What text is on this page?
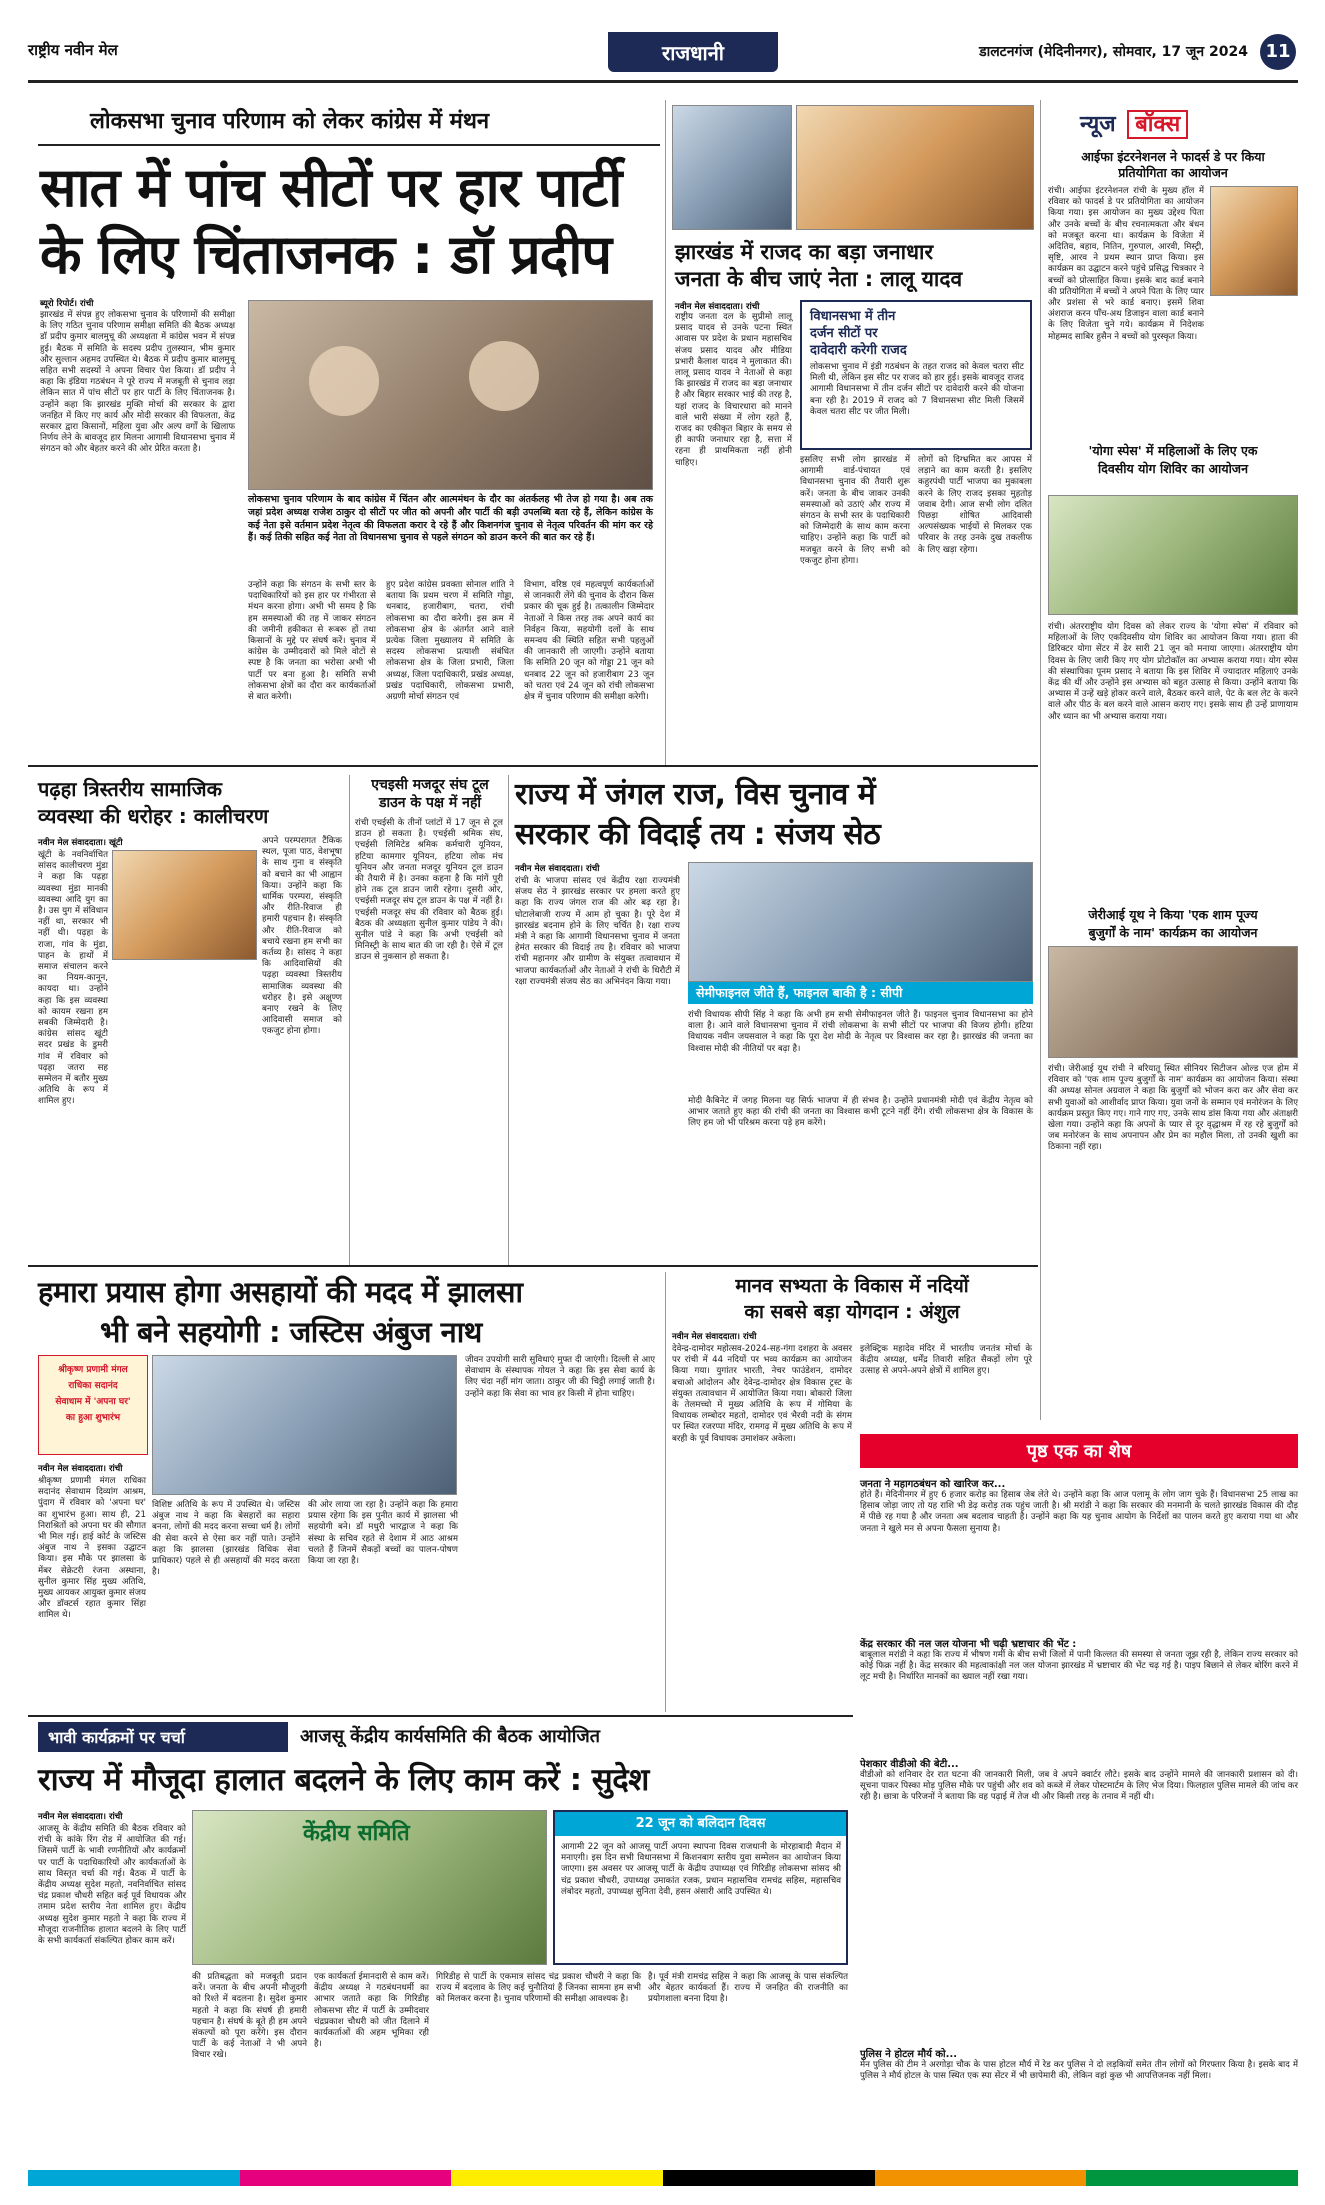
राष्ट्रीय नवीन मेल	राजधानी	डालटनगंज (मेदिनीनगर), सोमवार, 17 जून 2024 11
लोकसभा चुनाव परिणाम को लेकर कांग्रेस में मंथन
सात में पांच सीटों पर हार पार्टी
के लिए चिंताजनक : डॉ प्रदीप
ब्यूरो रिपोर्ट। रांची
झारखंड में संपन्न हुए लोकसभा चुनाव के परिणामों की समीक्षा के लिए गठित चुनाव परिणाम समीक्षा समिति की बैठक अध्यक्ष डॉ प्रदीप कुमार बालमुचू की अध्यक्षता में कांग्रेस भवन में संपन्न हुई। बैठक में समिति के सदस्य प्रदीप तुलस्यान, भीम कुमार और सुल्तान अहमद उपस्थित थे। बैठक में प्रदीप कुमार बालमुचू सहित सभी सदस्यों ने अपना विचार पेश किया। डॉ प्रदीप ने कहा कि इंडिया गठबंधन ने पूरे राज्य में मजबूती से चुनाव लड़ा लेकिन सात में पांच सीटों पर हार पार्टी के लिए चिंताजनक है। उन्होंने कहा कि झारखंड मुक्ति मोर्चा की सरकार के द्वारा जनहित में किए गए कार्य और मोदी सरकार की विफलता, केंद्र सरकार द्वारा किसानों, महिला युवा और अल्प वर्गों के खिलाफ निर्णय लेने के बावजूद हार मिलना आगामी विधानसभा चुनाव में संगठन को और बेहतर करने की ओर प्रेरित करता है।
लोकसभा चुनाव परिणाम के बाद कांग्रेस में चिंतन और आत्ममंथन के दौर का अंतर्कलह भी तेज हो गया है। अब तक जहां प्रदेश अध्यक्ष राजेश ठाकुर दो सीटों पर जीत को अपनी और पार्टी की बड़ी उपलब्धि बता रहे हैं, लेकिन कांग्रेस के कई नेता इसे वर्तमान प्रदेश नेतृत्व की विफलता करार दे रहे हैं और किशनगंज चुनाव से नेतृत्व परिवर्तन की मांग कर रहे हैं। कई तिकी सहित कई नेता तो विधानसभा चुनाव से पहले संगठन को डाउन करने की बात कर रहे हैं।
उन्होंने कहा कि संगठन के सभी स्तर के पदाधिकारियों को इस हार पर गंभीरता से मंथन करना होगा। अभी भी समय है कि हम समस्याओं की तह में जाकर संगठन की जमीनी हकीकत से रूबरू हों तथा किसानों के मुद्दे पर संघर्ष करें। चुनाव में कांग्रेस के उम्मीदवारों को मिले वोटों से स्पष्ट है कि जनता का भरोसा अभी भी पार्टी पर बना हुआ है। समिति सभी लोकसभा क्षेत्रों का दौरा कर कार्यकर्ताओं से बात करेगी।
हुए प्रदेश कांग्रेस प्रवक्ता सोनाल शांति ने बताया कि प्रथम चरण में समिति गोड्डा, धनबाद, हजारीबाग, चतरा, रांची लोकसभा का दौरा करेगी। इस क्रम में लोकसभा क्षेत्र के अंतर्गत आने वाले प्रत्येक जिला मुख्यालय में समिति के सदस्य लोकसभा प्रत्याशी संबंधित लोकसभा क्षेत्र के जिला प्रभारी, जिला अध्यक्ष, जिला पदाधिकारी, प्रखंड अध्यक्ष, प्रखंड पदाधिकारी, लोकसभा प्रभारी, अग्रणी मोर्चा संगठन एवं
विभाग, वरिष्ठ एवं महत्वपूर्ण कार्यकर्ताओं से जानकारी लेंगे की चुनाव के दौरान किस प्रकार की चूक हुई है। तत्कालीन जिम्मेदार नेताओं ने किस तरह तक अपने कार्य का निर्वहन किया, सहयोगी दलों के साथ समन्वय की स्थिति सहित सभी पहलुओं की जानकारी ली जाएगी। उन्होंने बताया कि समिति 20 जून को गोड्डा 21 जून को धनबाद 22 जून को हजारीबाग 23 जून को चतरा एवं 24 जून को रांची लोकसभा क्षेत्र में चुनाव परिणाम की समीक्षा करेगी।
झारखंड में राजद का बड़ा जनाधार
जनता के बीच जाएं नेता : लालू यादव
नवीन मेल संवाददाता। रांची
राष्ट्रीय जनता दल के सुप्रीमो लालू प्रसाद यादव से उनके पटना स्थित आवास पर प्रदेश के प्रधान महासचिव संजय प्रसाद यादव और मीडिया प्रभारी कैलाश यादव ने मुलाकात की। लालू प्रसाद यादव ने नेताओं से कहा कि झारखंड में राजद का बड़ा जनाधार है और बिहार सरकार भाई की तरह है, यहां राजद के विचारधारा को मानने वाले भारी संख्या में लोग रहते हैं, राजद का एकीकृत बिहार के समय से ही काफी जनाधार रहा है, सत्ता में रहना ही प्राथमिकता नहीं होनी चाहिए।
विधानसभा में तीन
दर्जन सीटों पर
दावेदारी करेगी राजद
लोकसभा चुनाव में इंडी गठबंधन के तहत राजद को केवल चतरा सीट मिली थी, लेकिन इस सीट पर राजद को हार हुई। इसके बावजूद राजद आगामी विधानसभा में तीन दर्जन सीटों पर दावेदारी करने की योजना बना रही है। 2019 में राजद को 7 विधानसभा सीट मिली जिसमें केवल चतरा सीट पर जीत मिली।
इसलिए सभी लोग झारखंड में आगामी वार्ड-पंचायत एवं विधानसभा चुनाव की तैयारी शुरू करें। जनता के बीच जाकर उनकी समस्याओं को उठाएं और राज्य में संगठन के सभी स्तर के पदाधिकारी को जिम्मेदारी के साथ काम करना चाहिए। उन्होंने कहा कि पार्टी को मजबूत करने के लिए सभी को एकजुट होना होगा।
लोगों को दिग्भ्रमित कर आपस में लड़ाने का काम करती है। इसलिए कहुरपंथी पार्टी भाजपा का मुकाबला करने के लिए राजद इसका मुहतोड़ जवाब देगी। आज सभी लोग दलित पिछड़ा शोषित आदिवासी अल्पसंख्यक भाईयों से मिलकर एक परिवार के तरह उनके दुख तकलीफ के लिए खड़ा रहेगा।
न्यूज बॉक्स
आईफा इंटरनेशनल ने फादर्स डे पर किया
प्रतियोगिता का आयोजन
रांची। आईफा इंटरनेशनल रांची के मुख्य हॉल में रविवार को फादर्स डे पर प्रतियोगिता का आयोजन किया गया। इस आयोजन का मुख्य उद्देश्य पिता और उनके बच्चों के बीच रचनात्मकता और बंधन को मजबूत करना था। कार्यक्रम के विजेता में अदितिव, बहाव, नितिन, गुरुपाल, आरवी, मिस्ट्री, सृष्टि, आरव ने प्रथम स्थान प्राप्त किया। इस कार्यक्रम का उद्घाटन करने पहुंचे प्रसिद्ध चित्रकार ने बच्चों को प्रोत्साहित किया। इसके बाद कार्ड बनाने की प्रतियोगिता में बच्चों ने अपने पिता के लिए प्यार और प्रशंसा से भरे कार्ड बनाए। इसमें शिवा अंशराज करन पाँच-अथ डिजाइन वाला कार्ड बनाने के लिए विजेता चुने गये। कार्यक्रम में निदेशक मोहम्मद साबिर हुसैन ने बच्चों को पुरस्कृत किया।
'योगा स्पेस' में महिलाओं के लिए एक
दिवसीय योग शिविर का आयोजन
रांची। अंतरराष्ट्रीय योग दिवस को लेकर राज्य के 'योगा स्पेस' में रविवार को महिलाओं के लिए एकदिवसीय योग शिविर का आयोजन किया गया। हाता की डिरिक्टर योगा सेंटर में ढेर सारी 21 जून को मनाया जाएगा। अंतरराष्ट्रीय योग दिवस के लिए जारी किए गए योग प्रोटोकॉल का अभ्यास कराया गया। योग स्पेस की संस्थापिका पूनम प्रसाद ने बताया कि इस शिविर में ज्यादातर महिलाएं उनके केंद्र की थीं और उन्होंने इस अभ्यास को बहुत उत्साह से किया। उन्होंने बताया कि अभ्यास में उन्हें खड़े होकर करने वाले, बैठकर करने वाले, पेट के बल लेट के करने वाले और पीठ के बल करने वाले आसन कराए गए। इसके साथ ही उन्हें प्राणायाम और ध्यान का भी अभ्यास कराया गया।
जेरीआई यूथ ने किया 'एक शाम पूज्य
बुजुर्गों के नाम' कार्यक्रम का आयोजन
रांची। जेरीआई यूथ रांची ने बरियातू स्थित सीनियर सिटीजन ओल्ड एज होम में रविवार को 'एक शाम पूज्य बुजुर्गों के नाम' कार्यक्रम का आयोजन किया। संस्था की अध्यक्ष सोनल अग्रवाल ने कहा कि बुजुर्गों को भोजन करा कर और सेवा कर सभी युवाओं को आशीर्वाद प्राप्त किया। युवा जनों के सम्मान एवं मनोरंजन के लिए कार्यक्रम प्रस्तुत किए गए। गाने गाए गए, उनके साथ डांस किया गया और अंताक्षरी खेला गया। उन्होंने कहा कि अपनों के प्यार से दूर वृद्धाश्रम में रह रहे बुजुर्गों को जब मनोरंजन के साथ अपनापन और प्रेम का महौल मिला, तो उनकी खुशी का ठिकाना नहीं रहा।
पढ़हा त्रिस्तरीय सामाजिक
व्यवस्था की धरोहर : कालीचरण
नवीन मेल संवाददाता। खूंटी
खूंटी के नवनिर्वाचित सांसद कालीचरण मुंडा ने कहा कि पढ़हा व्यवस्था मुंडा मानकी व्यवस्था आदि युग का है। उस युग में संविधान नहीं था, सरकार भी नहीं थी। पढ़हा के राजा, गांव के मुंडा, पाहन के हाथों में समाज संचालन करने का नियम-कानून, कायदा था। उन्होंने कहा कि इस व्यवस्था को कायम रखना हम सबकी जिम्मेदारी है। कांग्रेस सांसद खूंटी सदर प्रखंड के डुमरी गांव में रविवार को पढ़हा जतरा सह सम्मेलन में बतौर मुख्य अतिथि के रूप में शामिल हुए।
अपने परम्परागत टैंकिक स्थल, पूजा पाठ, वेशभूषा के साथ गुना व संस्कृति को बचाने का भी आह्वान किया। उन्होंने कहा कि धार्मिक परम्परा, संस्कृति और रीति-रिवाज ही हमारी पहचान है। संस्कृति और रीति-रिवाज को बचाये रखना हम सभी का कर्तव्य है। सांसद ने कहा कि आदिवासियों की पढ़हा व्यवस्था त्रिस्तरीय सामाजिक व्यवस्था की धरोहर है। इसे अक्षुण्ण बनाए रखने के लिए आदिवासी समाज को एकजुट होना होगा।
एचइसी मजदूर संघ टूल
डाउन के पक्ष में नहीं
रांची एचईसी के तीनों प्लांटों में 17 जून से टूल डाउन हो सकता है। एचईसी श्रमिक संघ, एचईसी लिमिटेड श्रमिक कर्मचारी यूनियन, हटिया कामगार यूनियन, हटिया लोक मंच यूनियन और जनता मजदूर यूनियन टूल डाउन की तैयारी में है। उनका कहना है कि मांगें पूरी होने तक टूल डाउन जारी रहेगा। दूसरी ओर, एचईसी मजदूर संघ टूल डाउन के पक्ष में नहीं है। एचईसी मजदूर संघ की रविवार को बैठक हुई। बैठक की अध्यक्षता सुनील कुमार पांडेय ने की। सुनील पांडे ने कहा कि अभी एचईसी को मिनिस्ट्री के साथ बात की जा रही है। ऐसे में टूल डाउन से नुकसान हो सकता है।
राज्य में जंगल राज, विस चुनाव में
सरकार की विदाई तय : संजय सेठ
नवीन मेल संवाददाता। रांची
रांची के भाजपा सांसद एवं केंद्रीय रक्षा राज्यमंत्री संजय सेठ ने झारखंड सरकार पर हमला करते हुए कहा कि राज्य जंगल राज की ओर बढ़ रहा है। घोटालेबाजी राज्य में आम हो चुका है। पूरे देश में झारखंड बदनाम होने के लिए चर्चित है। रक्षा राज्य मंत्री ने कहा कि आगामी विधानसभा चुनाव में जनता हेमंत सरकार की विदाई तय है। रविवार को भाजपा रांची महानगर और ग्रामीण के संयुक्त तत्वावधान में भाजपा कार्यकर्ताओं और नेताओं ने रांची के धिरौटी में रक्षा राज्यमंत्री संजय सेठ का अभिनंदन किया गया।
सेमीफाइनल जीते हैं, फाइनल बाकी है : सीपी
रांची विधायक सीपी सिंह ने कहा कि अभी हम सभी सेमीफाइनल जीते हैं। फाइनल चुनाव विधानसभा का होने वाला है। आने वाले विधानसभा चुनाव में रांची लोकसभा के सभी सीटों पर भाजपा की विजय होगी। हटिया विधायक नवीन जयसवाल ने कहा कि पूरा देश मोदी के नेतृत्व पर विश्वास कर रहा है। झारखंड की जनता का विश्वास मोदी की नीतियों पर बढ़ा है।
मोदी कैबिनेट में जगह मिलना यह सिर्फ भाजपा में ही संभव है। उन्होंने प्रधानमंत्री मोदी एवं केंद्रीय नेतृत्व को आभार जताते हुए कहा की रांची की जनता का विश्वास कभी टूटने नहीं देंगे। रांची लोकसभा क्षेत्र के विकास के लिए हम जो भी परिश्रम करना पड़े हम करेंगे।
हमारा प्रयास होगा असहायों की मदद में झालसा
भी बने सहयोगी : जस्टिस अंबुज नाथ
श्रीकृष्ण प्रणामी मंगल
राधिका सदानंद
सेवाधाम में 'अपना घर'
का हुआ शुभारंभ
नवीन मेल संवाददाता। रांची
श्रीकृष्ण प्रणामी मंगल राधिका सदानंद सेवाधाम दिव्यांग आश्रम, पुंदाग में रविवार को 'अपना घर' का शुभारंभ हुआ। साथ ही, 21 निराश्रितों को अपना घर की सौगात भी मिल गई। हाई कोर्ट के जस्टिस अंबुज नाथ ने इसका उद्घाटन किया। इस मौके पर झालसा के मेंबर सेक्रेटरी रंजना अस्थाना, सुनील कुमार सिंह मुख्य अतिथि, मुख्य आयकर आयुक्त कुमार संजय और डॉक्टर्स रहात कुमार सिंहा शामिल थे।
विशिष्ट अतिथि के रूप में उपस्थित थे। जस्टिस अंबुज नाथ ने कहा कि बेसहारों का सहारा बनना, लोगों की मदद करना सच्चा धर्म है। लोगों की सेवा करने से ऐसा कर नहीं पाते। उन्होंने कहा कि झालसा (झारखंड विधिक सेवा प्राधिकार) पहले से ही असहायों की मदद करता है।
की ओर लाया जा रहा है। उन्होंने कहा कि हमारा प्रयास रहेगा कि इस पुनीत कार्य में झालसा भी सहयोगी बने। डॉ मधुरी भारद्वाज ने कहा कि संस्था के सचिव रहते से देशाम में आठ आश्रम चलते हैं जिनमें सैकड़ों बच्चों का पालन-पोषण किया जा रहा है।
जीवन उपयोगी सारी सुविधाएं मुफ्त दी जाएंगी। दिल्ली से आए सेवाधाम के संस्थापक गोयल ने कहा कि इस सेवा कार्य के लिए चंदा नहीं मांग जाता। ठाकुर जी की चिट्ठी लगाई जाती है। उन्होंने कहा कि सेवा का भाव हर किसी में होना चाहिए।
मानव सभ्यता के विकास में नदियों
का सबसे बड़ा योगदान : अंशुल
नवीन मेल संवाददाता। रांची
देवेन्द्र-दामोदर महोत्सव-2024-सह-गंगा दशहरा के अवसर पर रांची में 44 नदियों पर भव्य कार्यक्रम का आयोजन किया गया। युगांतर भारती, नेचर फाउंडेशन, दामोदर बचाओ आंदोलन और देवेन्द्र-दामोदर क्षेत्र विकास ट्रस्ट के संयुक्त तत्वावधान में आयोजित किया गया। बोकारो जिला के तेलमच्चो में मुख्य अतिथि के रूप में गोमिया के विधायक लम्बोदर महतो, दामोदर एवं भैरवी नदी के संगम पर स्थित रजरप्पा मंदिर, रामगढ़ में मुख्य अतिथि के रूप में बरही के पूर्व विधायक उमाशंकर अकेला।
इलेक्ट्रिक महादेव मंदिर में भारतीय जनतंत्र मोर्चा के केंद्रीय अध्यक्ष, धर्मेंद्र तिवारी सहित सैकड़ों लोग पूरे उत्साह से अपने-अपने क्षेत्रों में शामिल हुए।
पृष्ठ एक का शेष
जनता ने महागठबंधन को खारिज कर...
होते हैं। मेदिनीनगर में हुए 6 हजार करोड़ का हिसाब जेब लेते थे। उन्होंने कहा कि आज पलामू के लोग जाग चुके हैं। विधानसभा 25 लाख का हिसाब जोड़ा जाए तो यह राशि भी डेढ़ करोड़ तक पहुंच जाती है। श्री मरांडी ने कहा कि सरकार की मनमानी के चलते झारखंड विकास की दौड़ में पीछे रह गया है और जनता अब बदलाव चाहती है। उन्होंने कहा कि यह चुनाव आयोग के निर्देशों का पालन करते हुए कराया गया था और जनता ने खुले मन से अपना फैसला सुनाया है।
केंद्र सरकार की नल जल योजना भी चढ़ी भ्रष्टाचार की भेंट :
बाबूलाल मरांडी ने कहा कि राज्य में भीषण गर्मी के बीच सभी जिलों में पानी किल्लत की समस्या से जनता जूझ रही है, लेकिन राज्य सरकार को कोई फिक्र नहीं है। केंद्र सरकार की महत्वाकांक्षी नल जल योजना झारखंड में भ्रष्टाचार की भेंट चढ़ गई है। पाइप बिछाने से लेकर बोरिंग करने में लूट मची है। निर्धारित मानकों का ख्याल नहीं रखा गया।
पेशकार वीडीओ की बेटी...
वीडीओ को शनिवार देर रात घटना की जानकारी मिली, जब वे अपने क्वार्टर लौटे। इसके बाद उन्होंने मामले की जानकारी प्रशासन को दी। सूचना पाकर पिस्का मोड़ पुलिस मौके पर पहुंची और शव को कब्जे में लेकर पोस्टमार्टम के लिए भेज दिया। फिलहाल पुलिस मामले की जांच कर रही है। छात्रा के परिजनों ने बताया कि वह पढ़ाई में तेज थी और किसी तरह के तनाव में नहीं थी।
पुलिस ने होटल मौर्य को...
मेन पुलिस की टीम ने अरगोड़ा चौक के पास होटल मौर्य में रेड कर पुलिस ने दो लड़कियों समेत तीन लोगों को गिरफ्तार किया है। इसके बाद में पुलिस ने मौर्य होटल के पास स्थित एक स्पा सेंटर में भी छापेमारी की, लेकिन वहां कुछ भी आपत्तिजनक नहीं मिला।
भावी कार्यक्रमों पर चर्चा	आजसू केंद्रीय कार्यसमिति की बैठक आयोजित
राज्य में मौजूदा हालात बदलने के लिए काम करें : सुदेश
नवीन मेल संवाददाता। रांची
आजसू के केंद्रीय समिति की बैठक रविवार को रांची के कांके रिंग रोड में आयोजित की गई। जिसमें पार्टी के भावी रणनीतियों और कार्यक्रमों पर पार्टी के पदाधिकारियों और कार्यकर्ताओं के साथ विस्तृत चर्चा की गई। बैठक में पार्टी के केंद्रीय अध्यक्ष सुदेश महतो, नवनिर्वाचित सांसद चंद्र प्रकाश चौधरी सहित कई पूर्व विधायक और तमाम प्रदेश स्तरीय नेता शामिल हुए। केंद्रीय अध्यक्ष सुदेश कुमार महतो ने कहा कि राज्य में मौजूदा राजनीतिक हालात बदलने के लिए पार्टी के सभी कार्यकर्ता संकल्पित होकर काम करें।
केंद्रीय समिति
की प्रतिबद्धता को मजबूती प्रदान करें। जनता के बीच अपनी मौजूदगी को रिश्ते में बदलना है। सुदेश कुमार महतो ने कहा कि संघर्ष ही हमारी पहचान है। संघर्ष के बूते ही हम अपने संकल्पों को पूरा करेंगे। इस दौरान पार्टी के कई नेताओं ने भी अपने विचार रखे।
एक कार्यकर्ता ईमानदारी से काम करें। केंद्रीय अध्यक्ष ने गठबंधनधर्मी का आभार जताते कहा कि गिरिडीह लोकसभा सीट में पार्टी के उम्मीदवार चंद्रप्रकाश चौधरी को जीत दिलाने में कार्यकर्ताओं की अहम भूमिका रही है।
22 जून को बलिदान दिवस
आगामी 22 जून को आजसू पार्टी अपना स्थापना दिवस राजधानी के मोरहाबादी मैदान में मनाएगी। इस दिन सभी विधानसभा में किशनबाग स्तरीय युवा सम्मेलन का आयोजन किया जाएगा। इस अवसर पर आजसू पार्टी के केंद्रीय उपाध्यक्ष एवं गिरिडीह लोकसभा सांसद श्री चंद्र प्रकाश चौधरी, उपाध्यक्ष उमाकांत रजक, प्रधान महासचिव रामचंद्र सहिस, महासचिव लंबोदर महतो, उपाध्यक्ष सुनिता देवी, हसन अंसारी आदि उपस्थित थे।
गिरिडीह से पार्टी के एकमात्र सांसद चंद्र प्रकाश चौधरी ने कहा कि राज्य में बदलाव के लिए कई चुनौतियां हैं जिनका सामना हम सभी को मिलकर करना है। चुनाव परिणामों की समीक्षा आवश्यक है।
है। पूर्व मंत्री रामचंद्र सहिस ने कहा कि आजसू के पास संकल्पित और बेहतर कार्यकर्ता हैं। राज्य में जनहित की राजनीति का प्रयोगशाला बनना दिया है।
